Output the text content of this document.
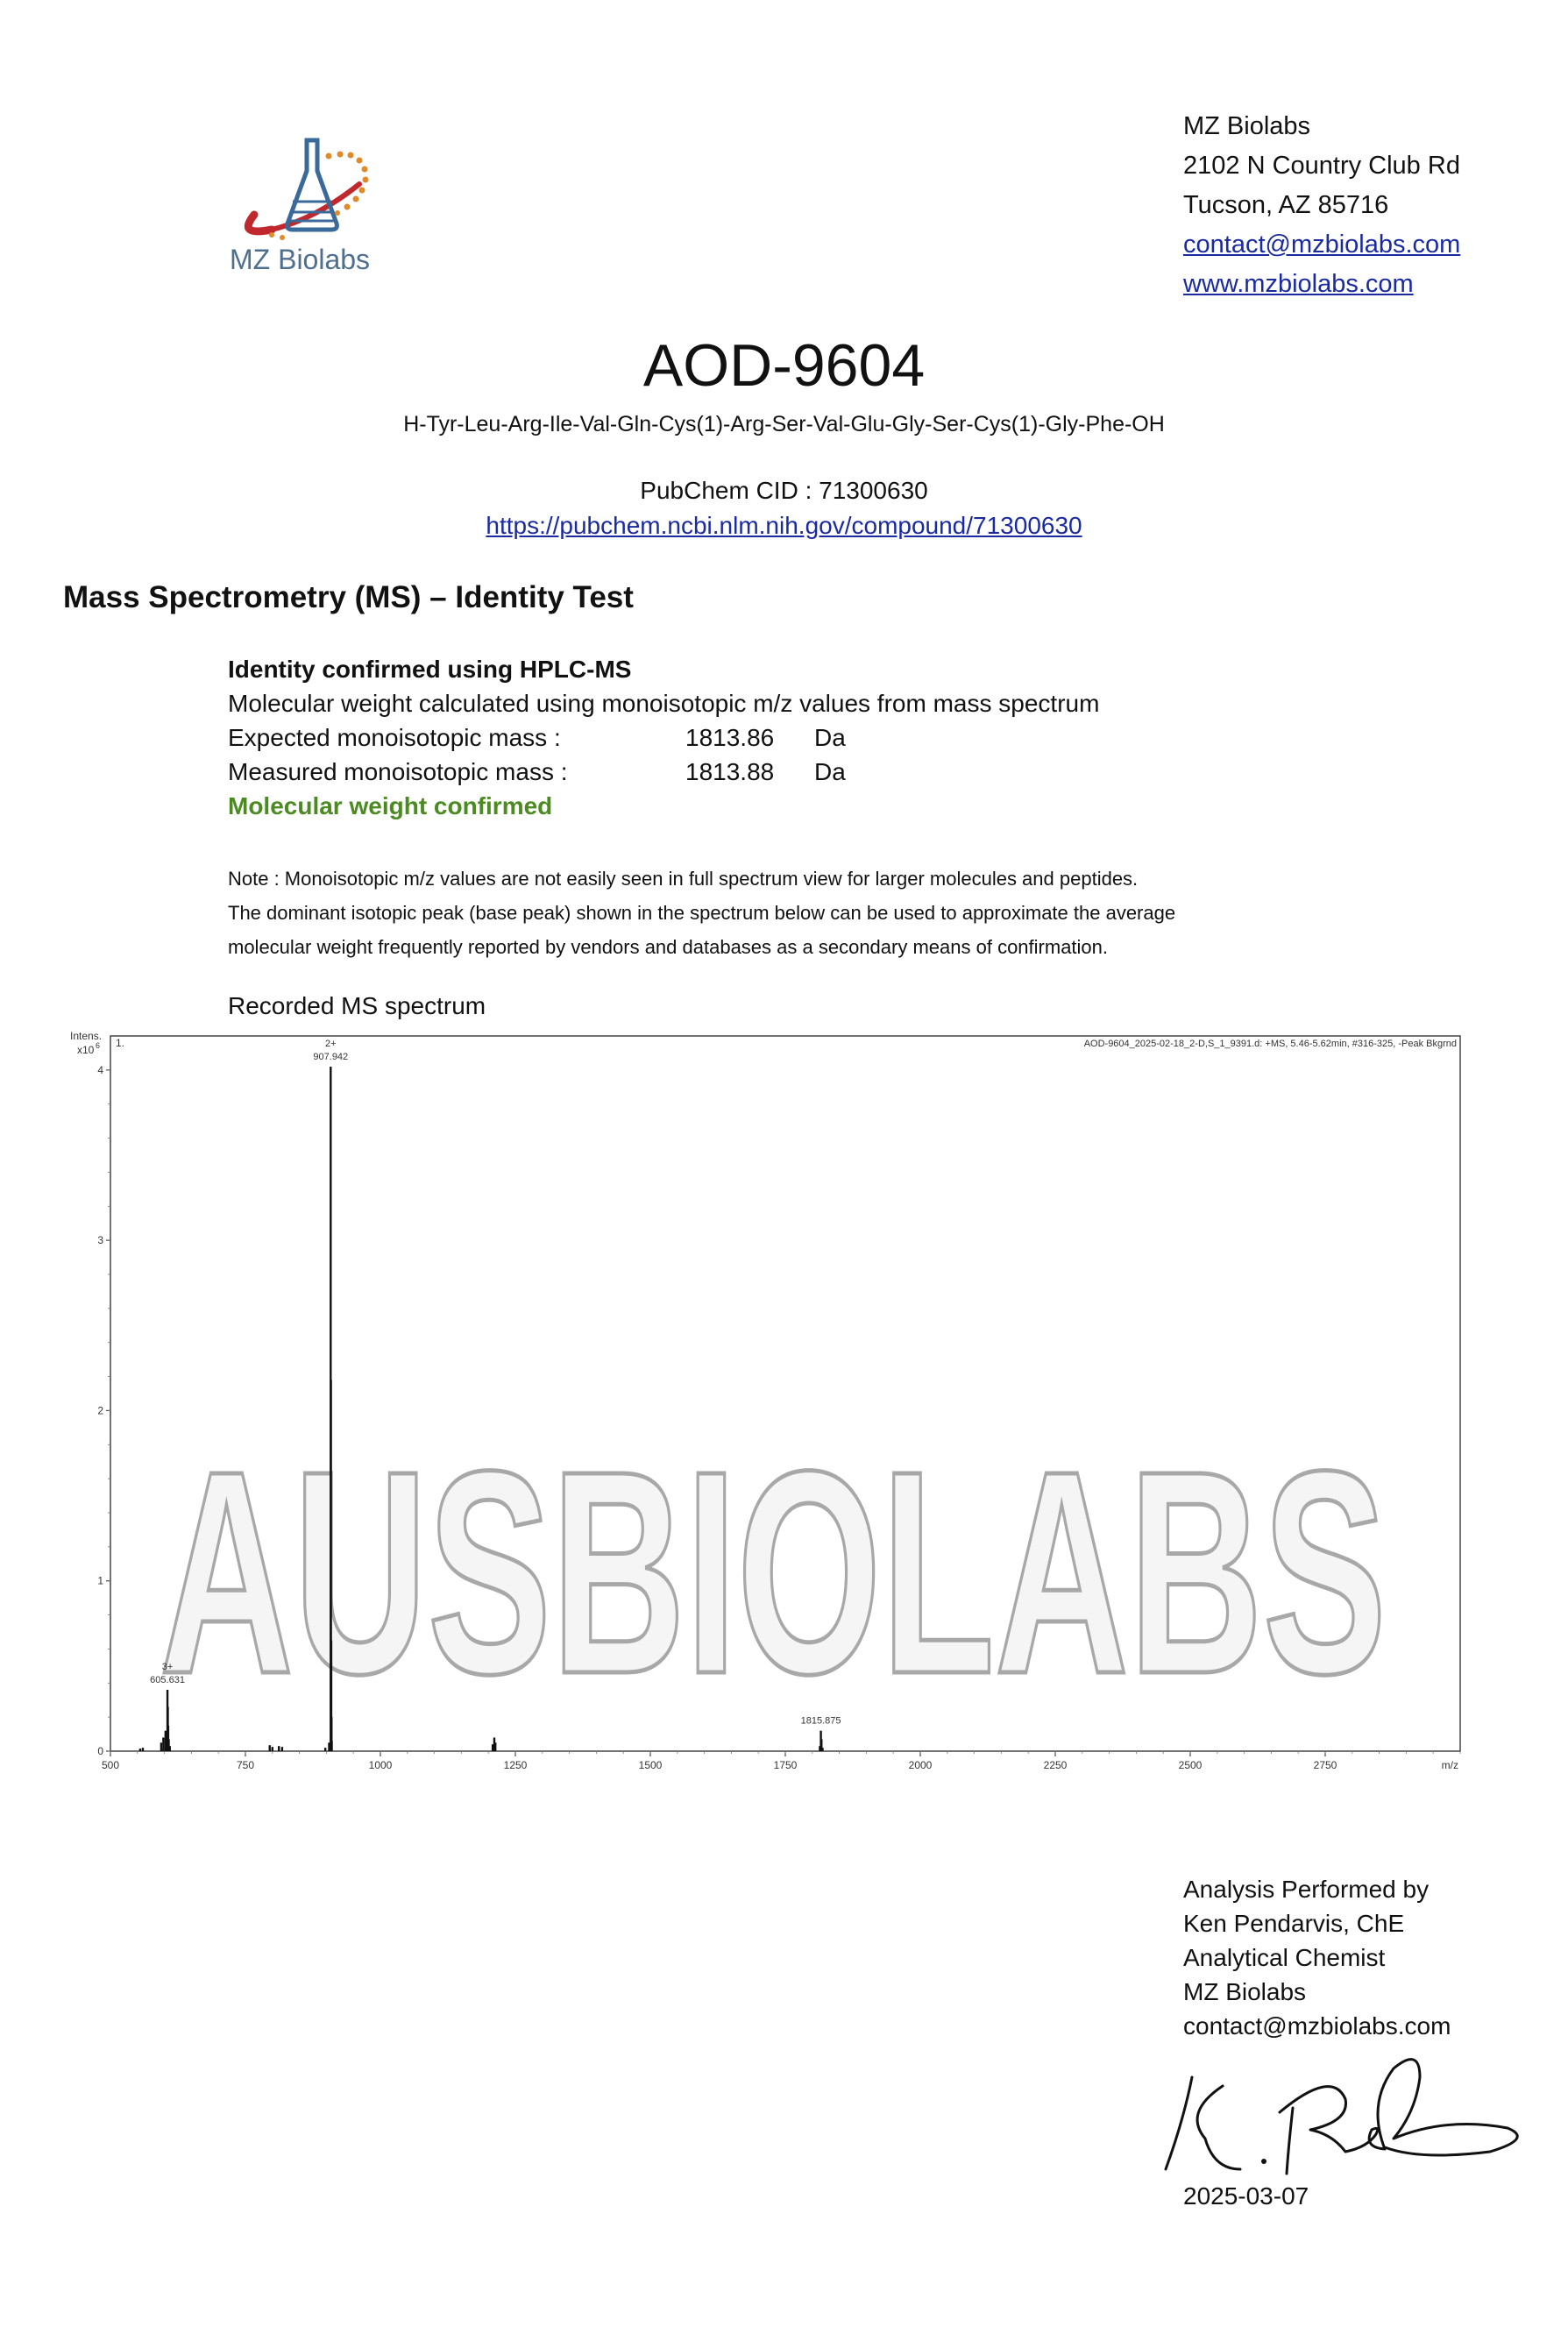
MZ Biolabs
MZ Biolabs
2102 N Country Club Rd
Tucson, AZ 85716
contact@mzbiolabs.com
www.mzbiolabs.com
AOD-9604
H-Tyr-Leu-Arg-Ile-Val-Gln-Cys(1)-Arg-Ser-Val-Glu-Gly-Ser-Cys(1)-Gly-Phe-OH
PubChem CID : 71300630
https://pubchem.ncbi.nlm.nih.gov/compound/71300630
Mass Spectrometry (MS) – Identity Test
Identity confirmed using HPLC-MS
Molecular weight calculated using monoisotopic m/z values from mass spectrum
Expected monoisotopic mass :	1813.86	Da
Measured monoisotopic mass :	1813.88	Da
Molecular weight confirmed
Note : Monoisotopic m/z values are not easily seen in full spectrum view for larger molecules and peptides.
The dominant isotopic peak (base peak) shown in the spectrum below can be used to approximate the average
molecular weight frequently reported by vendors and databases as a secondary means of confirmation.
Recorded MS spectrum
AUSBIOLABS
0
1
2
3
4
500	750	1000	1250	1500	1750	2000	2250	2500	2750
Intens.
x10 6
m/z
1.	AOD-9604_2025-02-18_2-D,S_1_9391.d: +MS, 5.46-5.62min, #316-325, -Peak Bkgrnd
907.942
2+
605.631
3+
1815.875
Analysis Performed by
Ken Pendarvis, ChE
Analytical Chemist
MZ Biolabs
contact@mzbiolabs.com
2025-03-07
